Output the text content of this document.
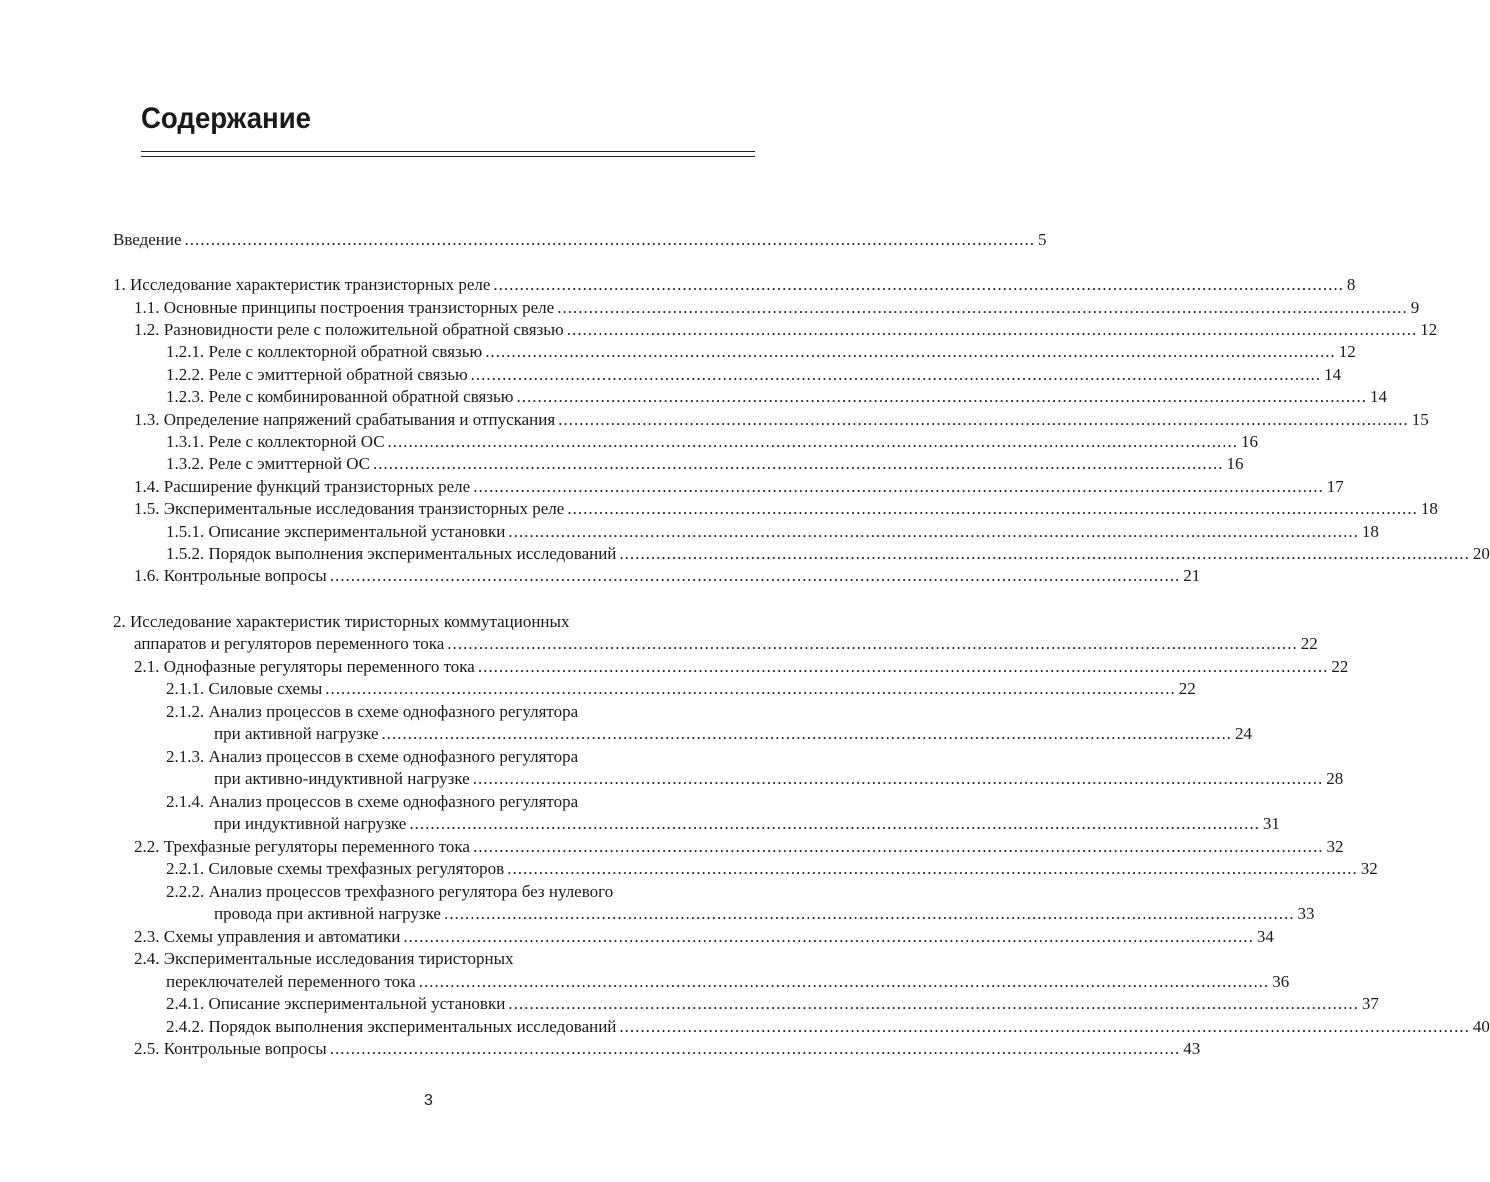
Содержание
Введение .................................................................................................................................................................. 5
1. Исследование характеристик транзисторных реле .................................................................................................................................................................. 8
1.1. Основные принципы построения транзисторных реле .................................................................................................................................................................. 9
1.2. Разновидности реле с положительной обратной связью .................................................................................................................................................................. 12
1.2.1. Реле с коллекторной обратной связью .................................................................................................................................................................. 12
1.2.2. Реле с эмиттерной обратной связью .................................................................................................................................................................. 14
1.2.3. Реле с комбинированной обратной связью .................................................................................................................................................................. 14
1.3. Определение напряжений срабатывания и отпускания .................................................................................................................................................................. 15
1.3.1. Реле с коллекторной ОС .................................................................................................................................................................. 16
1.3.2. Реле с эмиттерной ОС .................................................................................................................................................................. 16
1.4. Расширение функций транзисторных реле .................................................................................................................................................................. 17
1.5. Экспериментальные исследования транзисторных реле .................................................................................................................................................................. 18
1.5.1. Описание экспериментальной установки .................................................................................................................................................................. 18
1.5.2. Порядок выполнения экспериментальных исследований .................................................................................................................................................................. 20
1.6. Контрольные вопросы .................................................................................................................................................................. 21
2. Исследование характеристик тиристорных коммутационных
аппаратов и регуляторов переменного тока .................................................................................................................................................................. 22
2.1. Однофазные регуляторы переменного тока .................................................................................................................................................................. 22
2.1.1. Силовые схемы .................................................................................................................................................................. 22
2.1.2. Анализ процессов в схеме однофазного регулятора
при активной нагрузке .................................................................................................................................................................. 24
2.1.3. Анализ процессов в схеме однофазного регулятора
при активно-индуктивной нагрузке .................................................................................................................................................................. 28
2.1.4. Анализ процессов в схеме однофазного регулятора
при индуктивной нагрузке .................................................................................................................................................................. 31
2.2. Трехфазные регуляторы переменного тока .................................................................................................................................................................. 32
2.2.1. Силовые схемы трехфазных регуляторов .................................................................................................................................................................. 32
2.2.2. Анализ процессов трехфазного регулятора без нулевого
провода при активной нагрузке .................................................................................................................................................................. 33
2.3. Схемы управления и автоматики .................................................................................................................................................................. 34
2.4. Экспериментальные исследования тиристорных
переключателей переменного тока .................................................................................................................................................................. 36
2.4.1. Описание экспериментальной установки .................................................................................................................................................................. 37
2.4.2. Порядок выполнения экспериментальных исследований .................................................................................................................................................................. 40
2.5. Контрольные вопросы .................................................................................................................................................................. 43
3
